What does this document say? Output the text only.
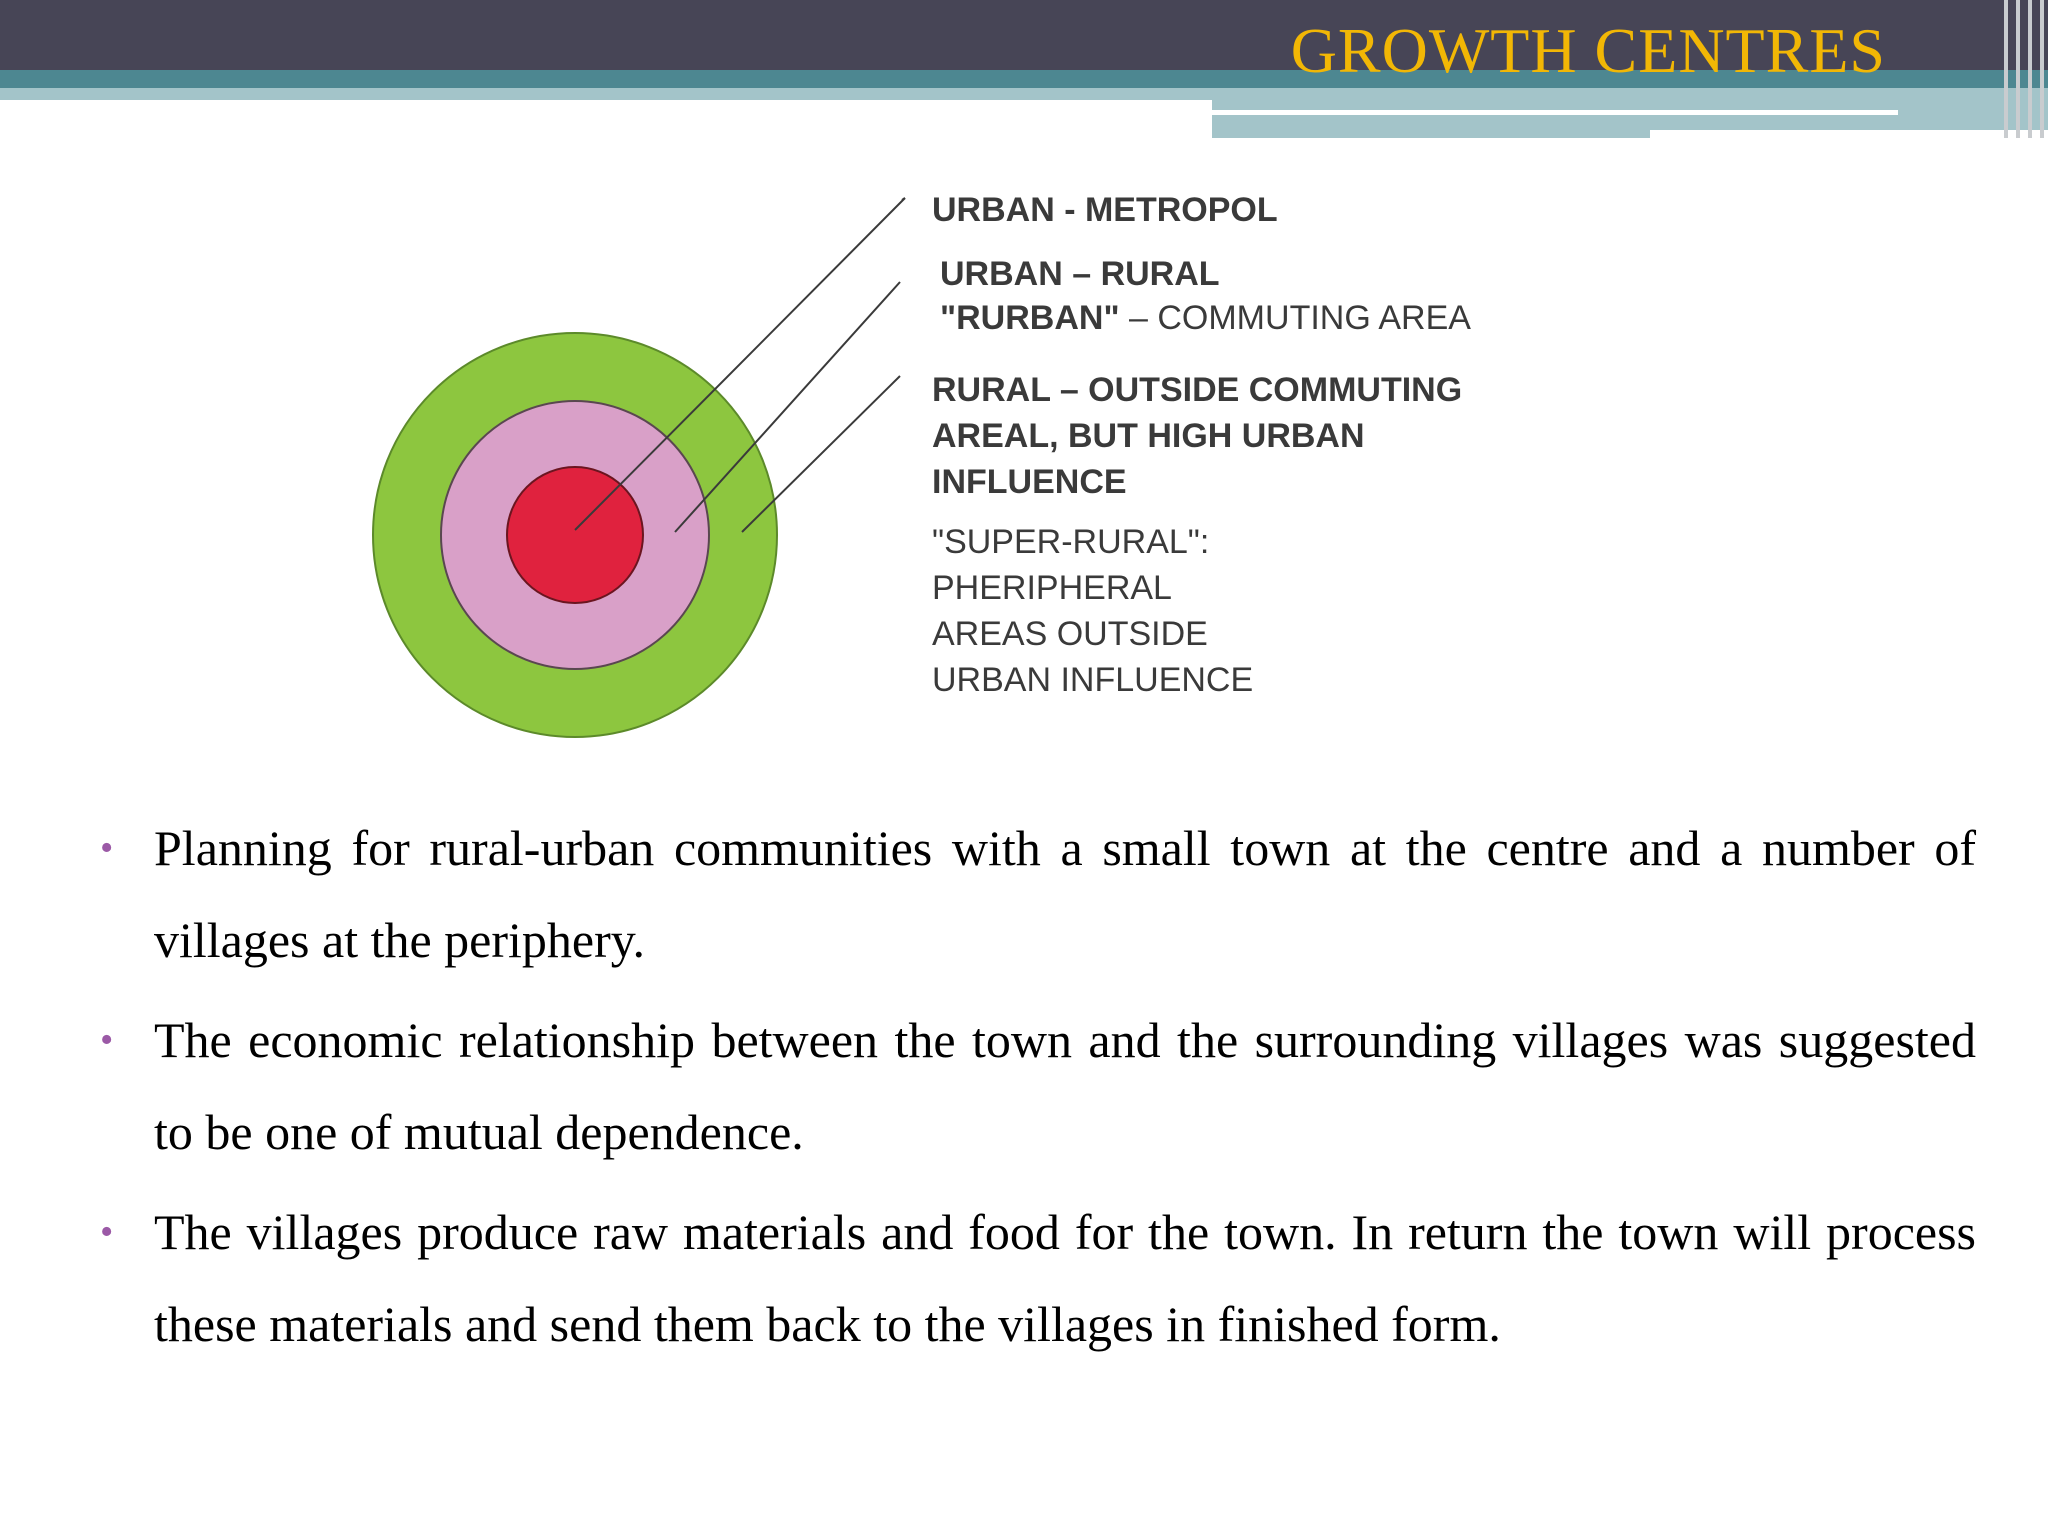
GROWTH CENTRES
URBAN - METROPOL
URBAN – RURAL
"RURBAN" – COMMUTING AREA
RURAL – OUTSIDE COMMUTING
AREAL, BUT HIGH URBAN
INFLUENCE
"SUPER-RURAL":
PHERIPHERAL
AREAS OUTSIDE
URBAN INFLUENCE
• Planning for rural-urban communities with a small town at the centre and a number of villages at the periphery.
• The economic relationship between the town and the surrounding villages was suggested to be one of mutual dependence.
• The villages produce raw materials and food for the town. In return the town will process these materials and send them back to the villages in finished form.
